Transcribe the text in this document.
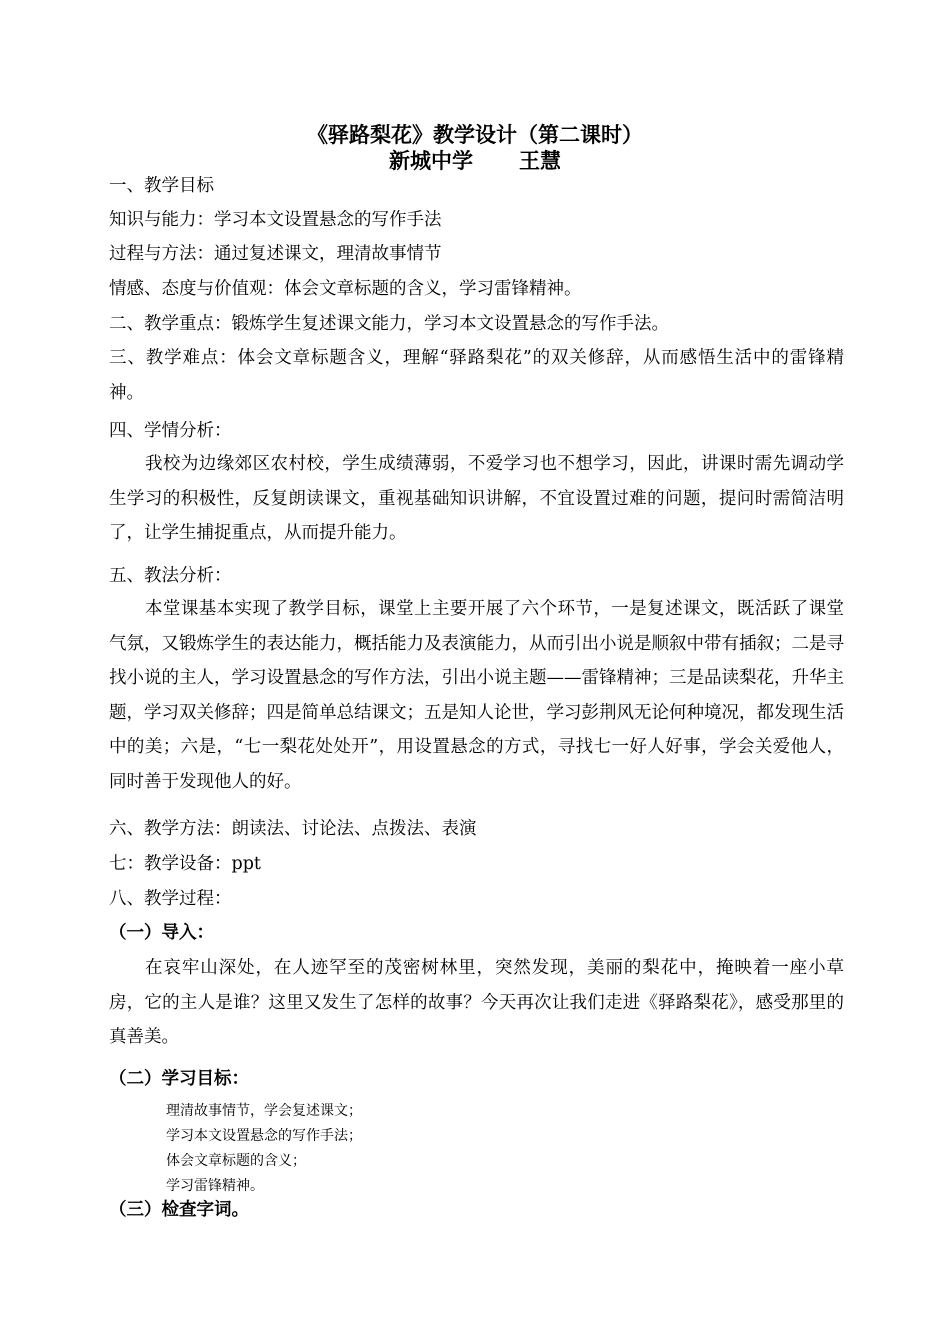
《驿路梨花》教学设计（第二课时）
新城中学 王慧
一、教学目标
知识与能力：学习本文设置悬念的写作手法
过程与方法：通过复述课文，理清故事情节
情感、态度与价值观：体会文章标题的含义，学习雷锋精神。
二、教学重点：锻炼学生复述课文能力，学习本文设置悬念的写作手法。
三、教学难点：体会文章标题含义，理解“驿路梨花”的双关修辞，从而感悟生活中的雷锋精神。
四、学情分析：
我校为边缘郊区农村校，学生成绩薄弱，不爱学习也不想学习，因此，讲课时需先调动学生学习的积极性，反复朗读课文，重视基础知识讲解，不宜设置过难的问题，提问时需简洁明了，让学生捕捉重点，从而提升能力。
五、教法分析：
本堂课基本实现了教学目标，课堂上主要开展了六个环节，一是复述课文，既活跃了课堂气氛，又锻炼学生的表达能力，概括能力及表演能力，从而引出小说是顺叙中带有插叙；二是寻找小说的主人，学习设置悬念的写作方法，引出小说主题——雷锋精神；三是品读梨花，升华主题，学习双关修辞；四是简单总结课文；五是知人论世，学习彭荆风无论何种境况，都发现生活中的美；六是，“七一梨花处处开”，用设置悬念的方式，寻找七一好人好事，学会关爱他人，同时善于发现他人的好。
六、教学方法：朗读法、讨论法、点拨法、表演
七：教学设备：ppt
八、教学过程：
（一）导入：
在哀牢山深处，在人迹罕至的茂密树林里，突然发现，美丽的梨花中，掩映着一座小草房，它的主人是谁？这里又发生了怎样的故事？今天再次让我们走进《驿路梨花》，感受那里的真善美。
（二）学习目标：
理清故事情节，学会复述课文；
学习本文设置悬念的写作手法；
体会文章标题的含义；
学习雷锋精神。
（三）检查字词。
